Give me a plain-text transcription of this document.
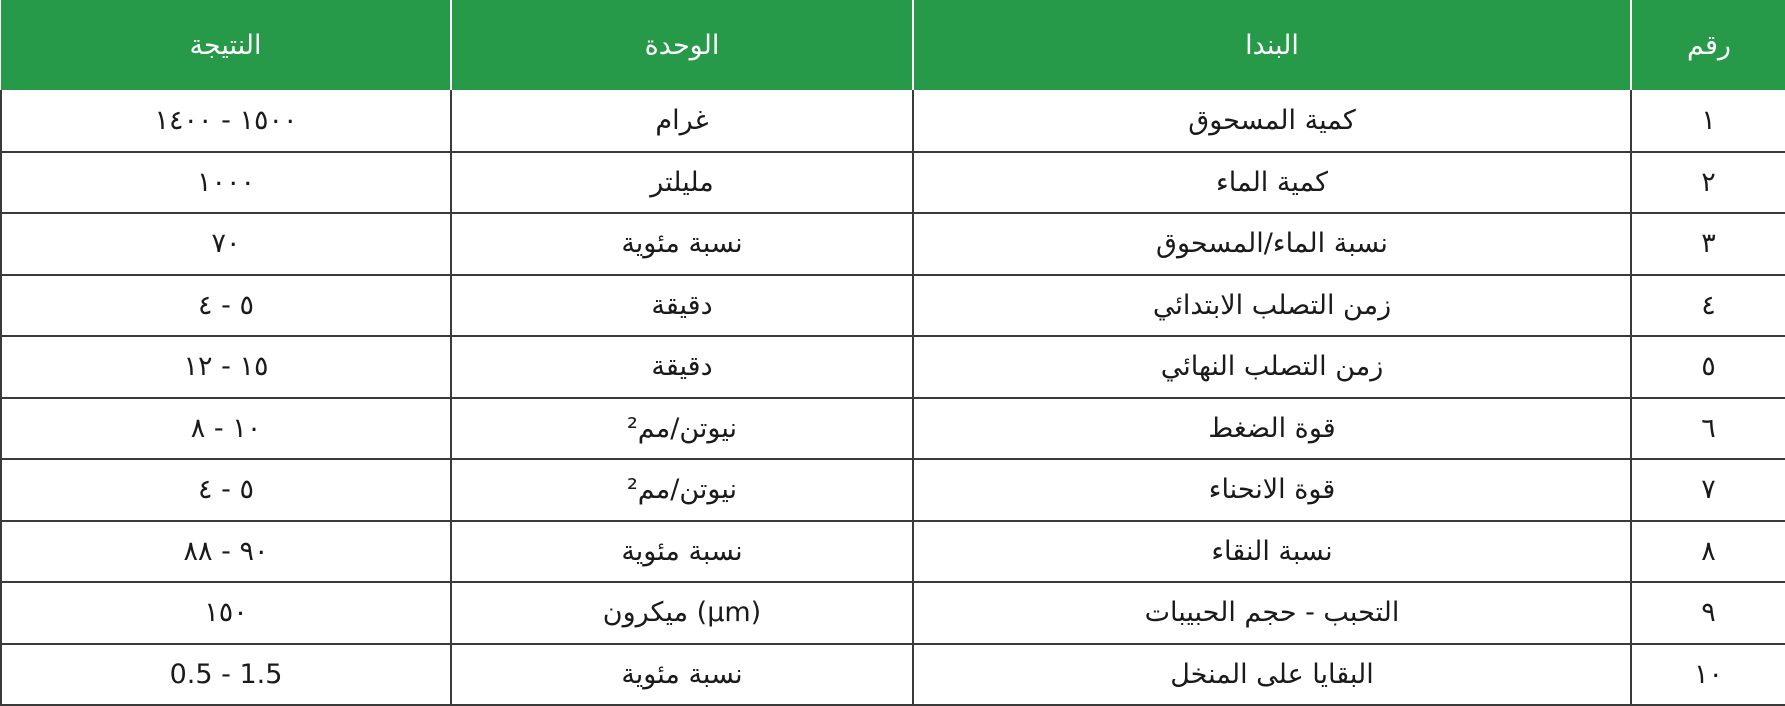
رقم	البندا	الوحدة	النتيجة
١	كمية المسحوق	غرام	١٥٠٠ - ١٤٠٠
٢	كمية الماء	مليلتر	١٠٠٠
٣	نسبة الماء/المسحوق	نسبة مئوية	٧٠
٤	زمن التصلب الابتدائي	دقيقة	٥ - ٤
٥	زمن التصلب النهائي	دقيقة	١٥ - ١٢
٦	قوة الضغط	نيوتن/مم²	١٠ - ٨
٧	قوة الانحناء	نيوتن/مم²	٥ - ٤
٨	نسبة النقاء	نسبة مئوية	٩٠ - ٨٨
٩	التحبب - حجم الحبيبات	(µm) ميكرون	١٥٠
١٠	البقايا على المنخل	نسبة مئوية	1.5 - 0.5
